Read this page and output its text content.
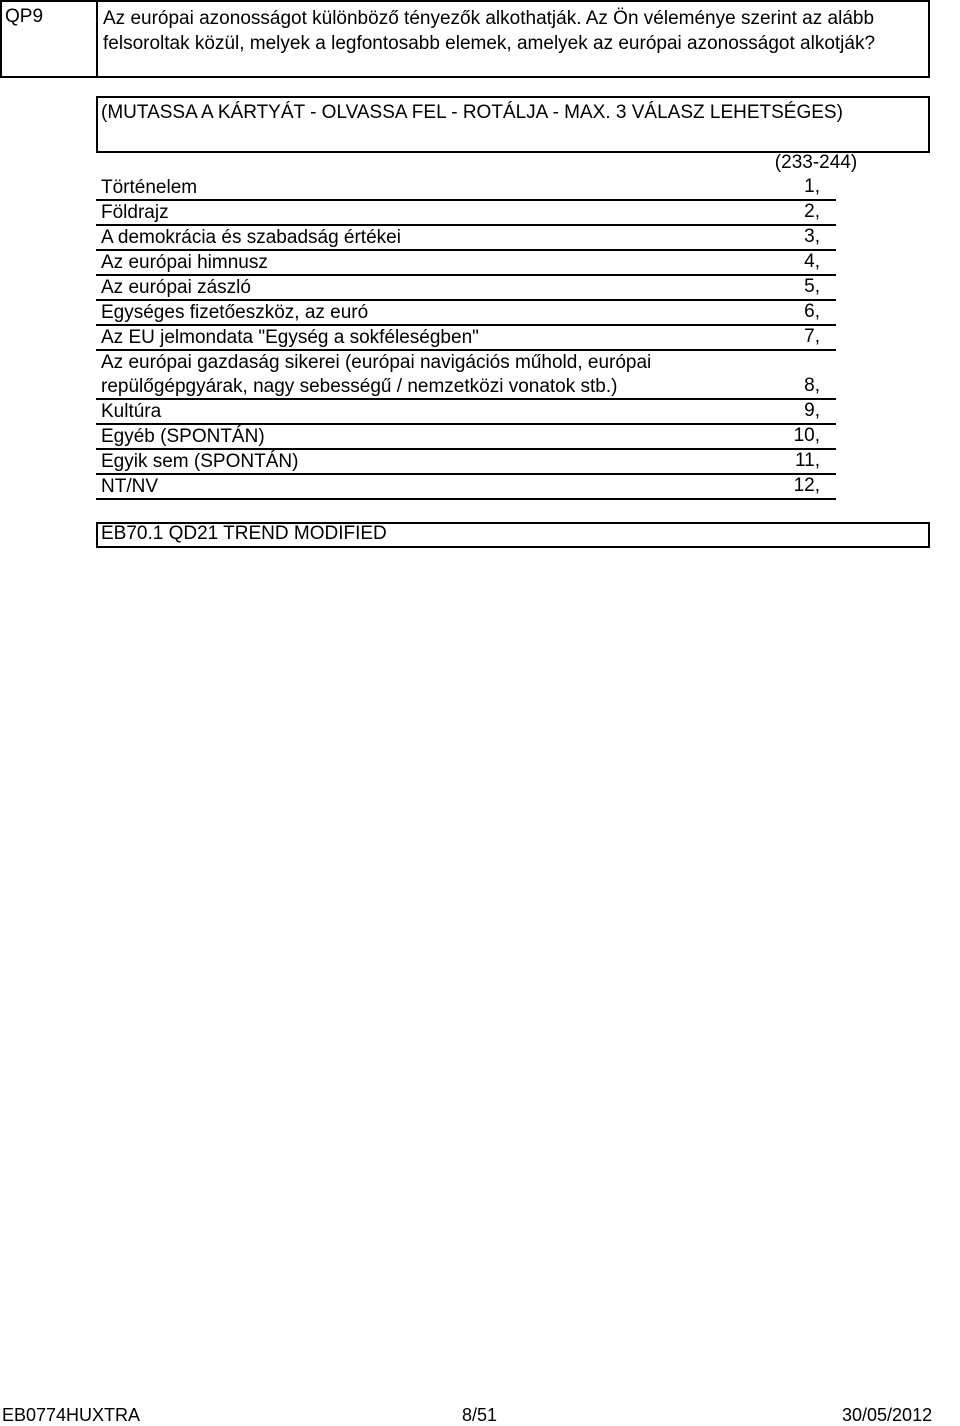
QP9	Az európai azonosságot különböző tényezők alkothatják. Az Ön véleménye szerint az alább felsoroltak közül, melyek a legfontosabb elemek, amelyek az európai azonosságot alkotják?
(MUTASSA A KÁRTYÁT - OLVASSA FEL - ROTÁLJA - MAX. 3 VÁLASZ LEHETSÉGES)
(233-244)
Történelem	1,
Földrajz	2,
A demokrácia és szabadság értékei	3,
Az európai himnusz	4,
Az európai zászló	5,
Egységes fizetőeszköz, az euró	6,
Az EU jelmondata "Egység a sokféleségben"	7,
Az európai gazdaság sikerei (európai navigációs műhold, európai repülőgépgyárak, nagy sebességű / nemzetközi vonatok stb.)	8,
Kultúra	9,
Egyéb (SPONTÁN)	10,
Egyik sem (SPONTÁN)	11,
NT/NV	12,
EB70.1 QD21 TREND MODIFIED
EB0774HUXTRA	8/51	30/05/2012
